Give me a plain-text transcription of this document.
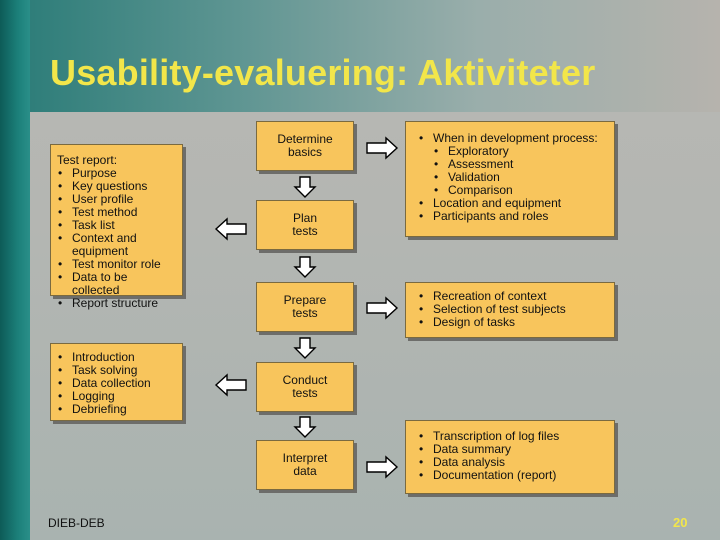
Usability-evaluering: Aktiviteter

Test report:

• Purpose
• Key questions
• User profile
• Test method
• Task list
• Context and equipment
• Test monitor role
• Data to be collected
• Report structure
• Introduction
• Task solving
• Data collection
• Logging
• Debriefing
Determine
basics
Plan
tests
Prepare
tests
Conduct
tests
Interpret
data
• When in development process:
• Exploratory
• Assessment
• Validation
• Comparison
• Location and equipment
• Participants and roles
• Recreation of context
• Selection of test subjects
• Design of tasks
• Transcription of log files
• Data summary
• Data analysis
• Documentation (report)
DIEB-DEB	20
